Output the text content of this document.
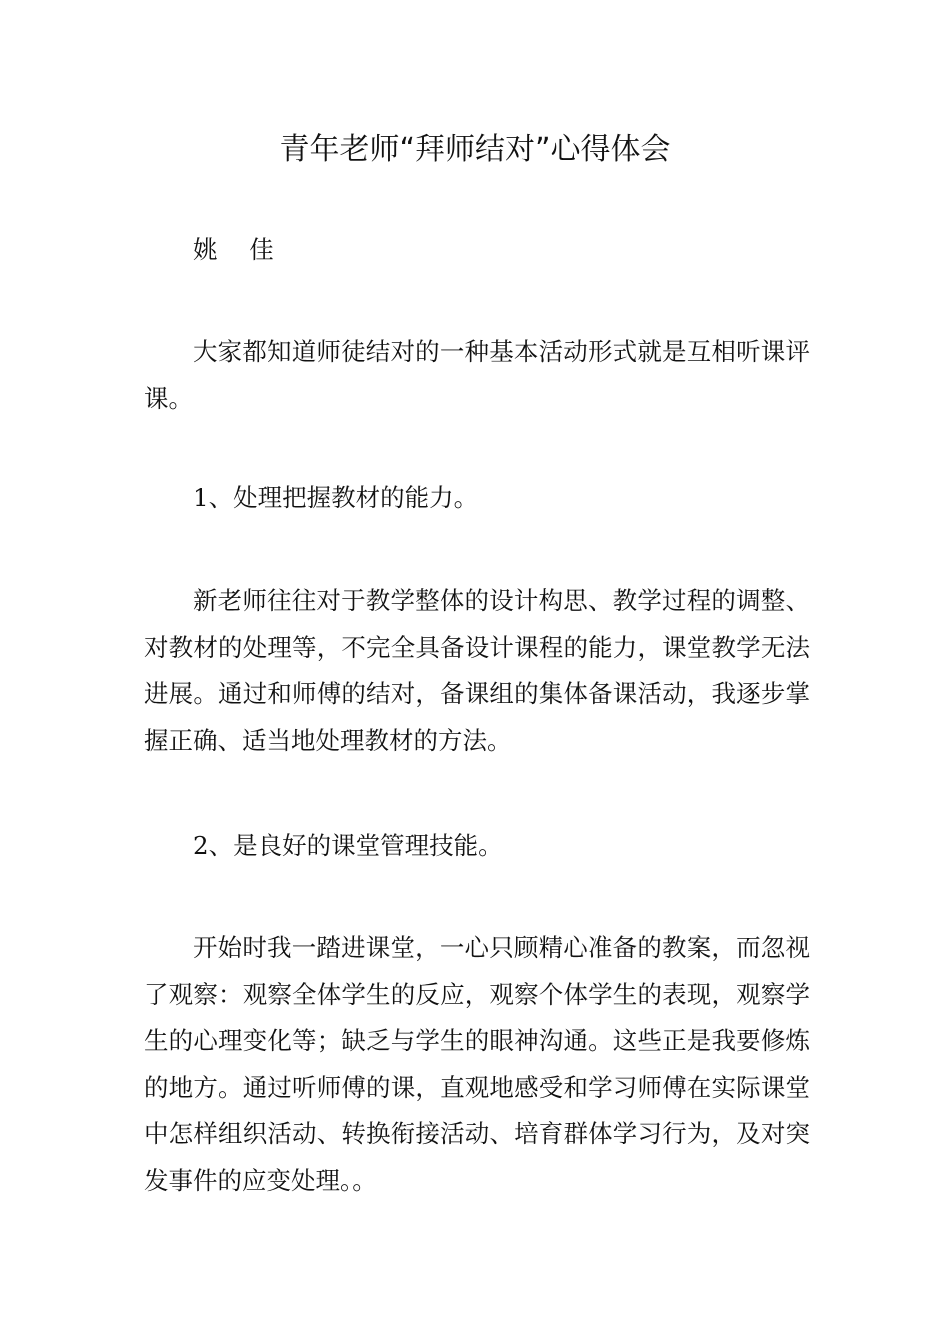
青年老师“拜师结对”心得体会

姚 佳

大家都知道师徒结对的一种基本活动形式就是互相听课评课。

1、处理把握教材的能力。

新老师往往对于教学整体的设计构思、教学过程的调整、对教材的处理等，不完全具备设计课程的能力，课堂教学无法进展。通过和师傅的结对，备课组的集体备课活动，我逐步掌握正确、适当地处理教材的方法。

2、是良好的课堂管理技能。

开始时我一踏进课堂，一心只顾精心准备的教案，而忽视了观察：观察全体学生的反应，观察个体学生的表现，观察学生的心理变化等；缺乏与学生的眼神沟通。这些正是我要修炼的地方。通过听师傅的课，直观地感受和学习师傅在实际课堂中怎样组织活动、转换衔接活动、培育群体学习行为，及对突发事件的应变处理。。
